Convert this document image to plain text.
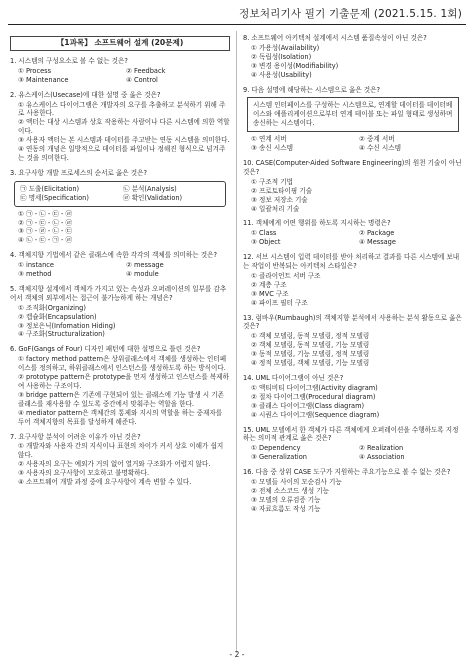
정보처리기사 필기 기출문제 (2021.5.15. 1회)
【1과목】 소프트웨어 설계 (20문제)
1. 시스템의 구성요소로 볼 수 없는 것은?
① Process	② Feedback
③ Maintenance	④ Control
2. 유스케이스(Usecase)에 대한 설명 중 옳은 것은?
① 유스케이스 다이어그램은 개발자의 요구를 추출하고 분석하기 위해 주로 사용한다.
② 액터는 대상 시스템과 상호 작용하는 사람이나 다른 시스템에 의한 역할이다.
③ 사용자 액터는 본 시스템과 데이터를 주고받는 연동 시스템을 의미한다.
④ 연동의 개념은 일방적으로 데이터를 파일이나 정해진 형식으로 넘겨주는 것을 의미한다.
3. 요구사항 개발 프로세스의 순서로 옳은 것은?
㉠ 도출(Elicitation)	㉡ 분석(Analysis)
㉢ 명세(Specification)	㉣ 확인(Validation)
① ㉠ - ㉡ - ㉢ - ㉣
② ㉠ - ㉢ - ㉡ - ㉣
③ ㉠ - ㉣ - ㉡ - ㉢
④ ㉡ - ㉢ - ㉠ - ㉣
4. 객체지향 기법에서 같은 클래스에 속한 각각의 객체를 의미하는 것은?
① instance	② message
③ method	④ module
5. 객체지향 설계에서 객체가 가지고 있는 속성과 오퍼레이션의 일부를 감추어서 객체의 외부에서는 접근이 불가능하게 하는 개념은?
① 조직화(Organizing)
② 캡슐화(Encapsulation)
③ 정보은닉(Infomation Hiding)
④ 구조화(Structuralization)
6. GoF(Gangs of Four) 디자인 패턴에 대한 설명으로 틀린 것은?
① factory method pattern은 상위클래스에서 객체를 생성하는 인터페이스를 정의하고, 하위클래스에서 인스턴스를 생성하도록 하는 방식이다.
② prototype pattern은 prototype을 먼저 생성하고 인스턴스를 복제하여 사용하는 구조이다.
③ bridge pattern은 기존에 구현되어 있는 클래스에 기능 발생 시 기존 클래스를 재사용할 수 있도록 중간에서 맞춰주는 역할을 한다.
④ mediator pattern은 객체간의 통제와 지시의 역할을 하는 중재자를 두어 객체지향의 목표를 달성하게 해준다.
7. 요구사항 분석이 어려운 이유가 아닌 것은?
① 개발자와 사용자 간의 지식이나 표현의 차이가 커서 상호 이해가 쉽지 않다.
② 사용자의 요구는 예외가 거의 없어 열거와 구조화가 어렵지 않다.
③ 사용자의 요구사항이 모호하고 불명확하다.
④ 소프트웨어 개발 과정 중에 요구사항이 계속 변할 수 있다.
8. 소프트웨어 아키텍처 설계에서 시스템 품질속성이 아닌 것은?
① 가용성(Availability)
② 독립성(Isolation)
③ 변경 용이성(Modifiability)
④ 사용성(Usability)
9. 다음 설명에 해당하는 시스템으로 옳은 것은?
시스템 인터페이스를 구성하는 시스템으로, 연계할 데이터를 데이터베이스와 애플리케이션으로부터 연계 테이블 또는 파일 형태로 생성하며 송신하는 시스템이다.
① 연계 서버	② 중계 서버
③ 송신 시스템	④ 수신 시스템
10. CASE(Computer-Aided Software Engineering)의 원천 기술이 아닌 것은?
① 구조적 기법
② 프로토타이핑 기술
③ 정보 저장소 기술
④ 일괄처리 기술
11. 객체에게 어떤 행위를 하도록 지시하는 명령은?
① Class	② Package
③ Object	④ Message
12. 서브 시스템이 입력 데이터를 받아 처리하고 결과를 다른 시스템에 보내는 작업이 반복되는 아키텍처 스타일은?
① 클라이언트 서버 구조
② 계층 구조
③ MVC 구조
④ 파이프 필터 구조
13. 럼바우(Rumbaugh)의 객체지향 분석에서 사용하는 분석 활동으로 옳은 것은?
① 객체 모델링, 동적 모델링, 정적 모델링
② 객체 모델링, 동적 모델링, 기능 모델링
③ 동적 모델링, 기능 모델링, 정적 모델링
④ 정적 모델링, 객체 모델링, 기능 모델링
14. UML 다이어그램이 아닌 것은?
① 액티비티 다이어그램(Activity diagram)
② 절차 다이어그램(Procedural diagram)
③ 클래스 다이어그램(Class diagram)
④ 시퀀스 다이어그램(Sequence diagram)
15. UML 모델에서 한 객체가 다른 객체에게 오퍼레이션을 수행하도록 지정하는 의미적 관계로 옳은 것은?
① Dependency	② Realization
③ Generalization	④ Association
16. 다음 중 상위 CASE 도구가 지원하는 주요기능으로 볼 수 없는 것은?
① 모델들 사이의 모순검사 기능
② 전체 소스코드 생성 기능
③ 모델의 오류검증 기능
④ 자료흐름도 작성 기능
- 2 -
